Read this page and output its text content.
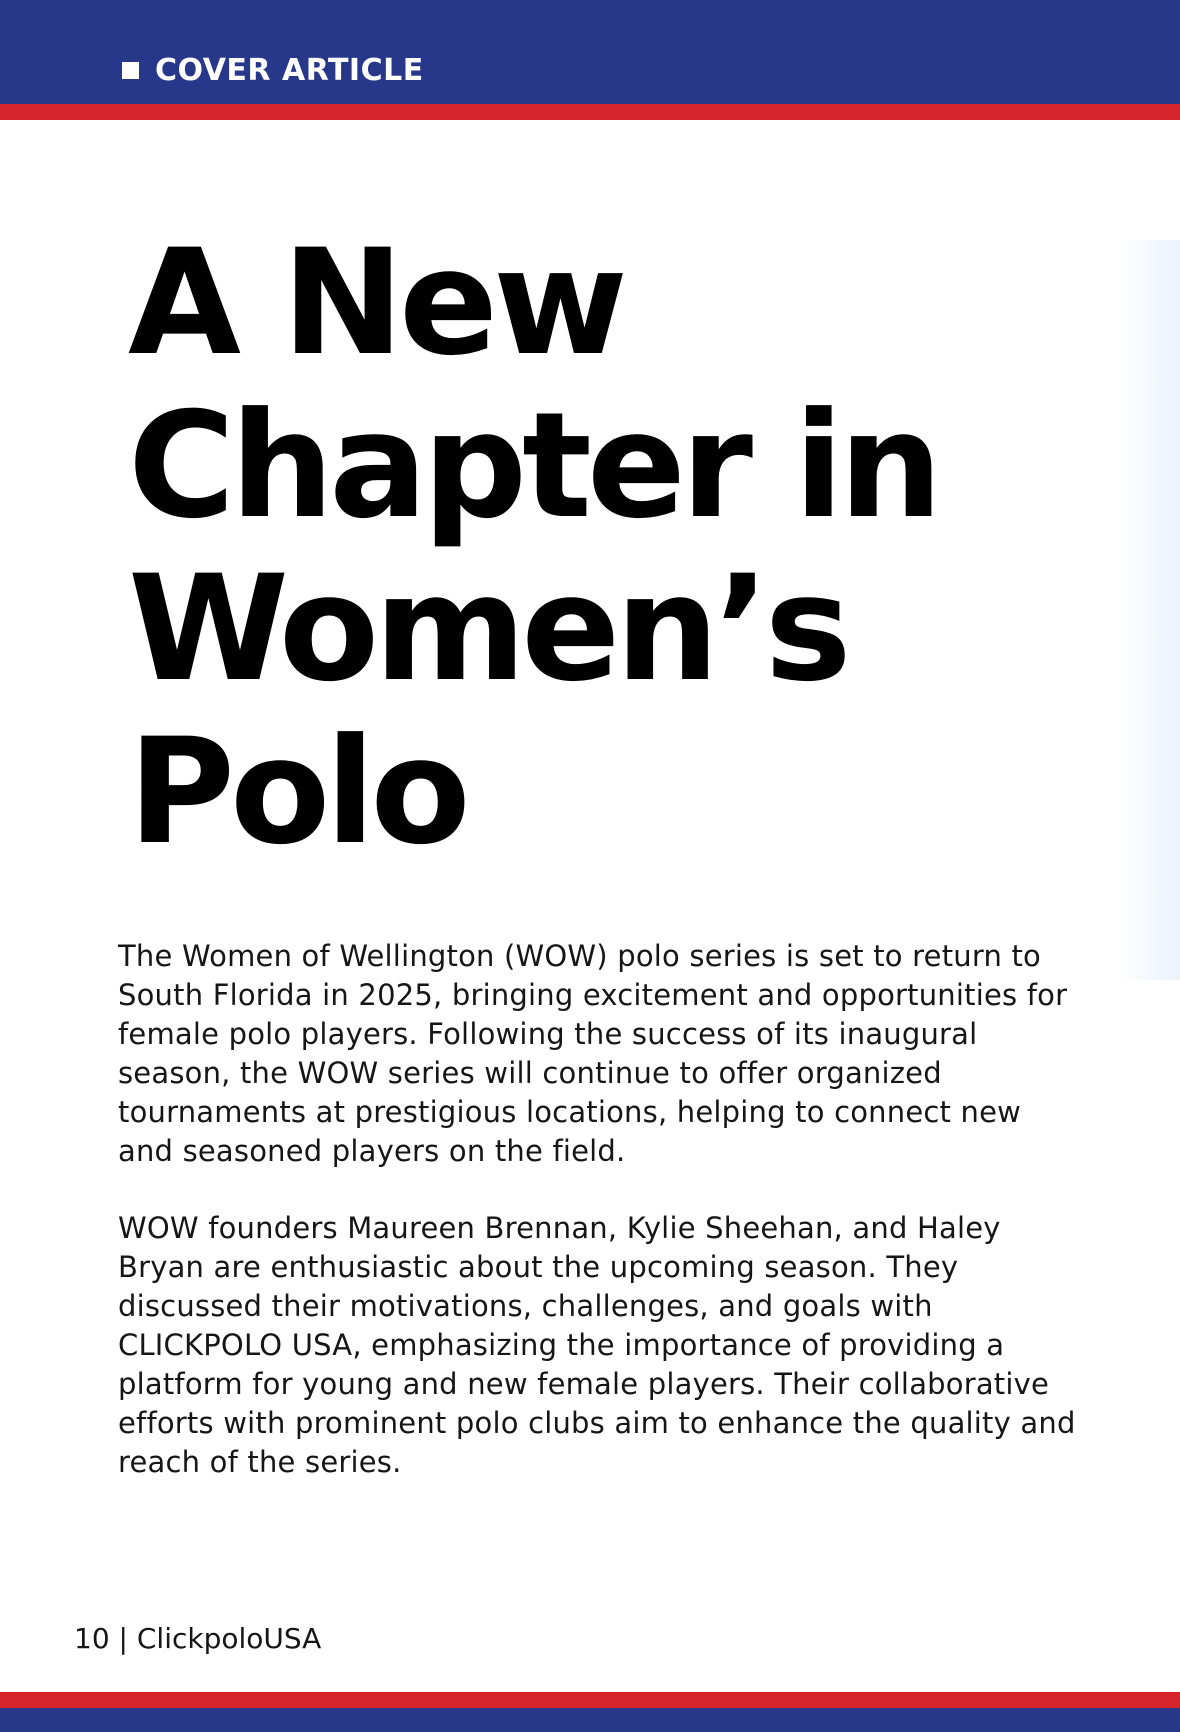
COVER ARTICLE
A New
Chapter in
Women’s
Polo

The Women of Wellington (WOW) polo series is set to return to South Florida in 2025, bringing excitement and opportunities for female polo players. Following the success of its inaugural season, the WOW series will continue to offer organized tournaments at prestigious locations, helping to connect new and seasoned players on the field.

WOW founders Maureen Brennan, Kylie Sheehan, and Haley Bryan are enthusiastic about the upcoming season. They discussed their motivations, challenges, and goals with CLICKPOLO USA, emphasizing the importance of providing a platform for young and new female players. Their collaborative efforts with prominent polo clubs aim to enhance the quality and reach of the series.

10 | ClickpoloUSA
